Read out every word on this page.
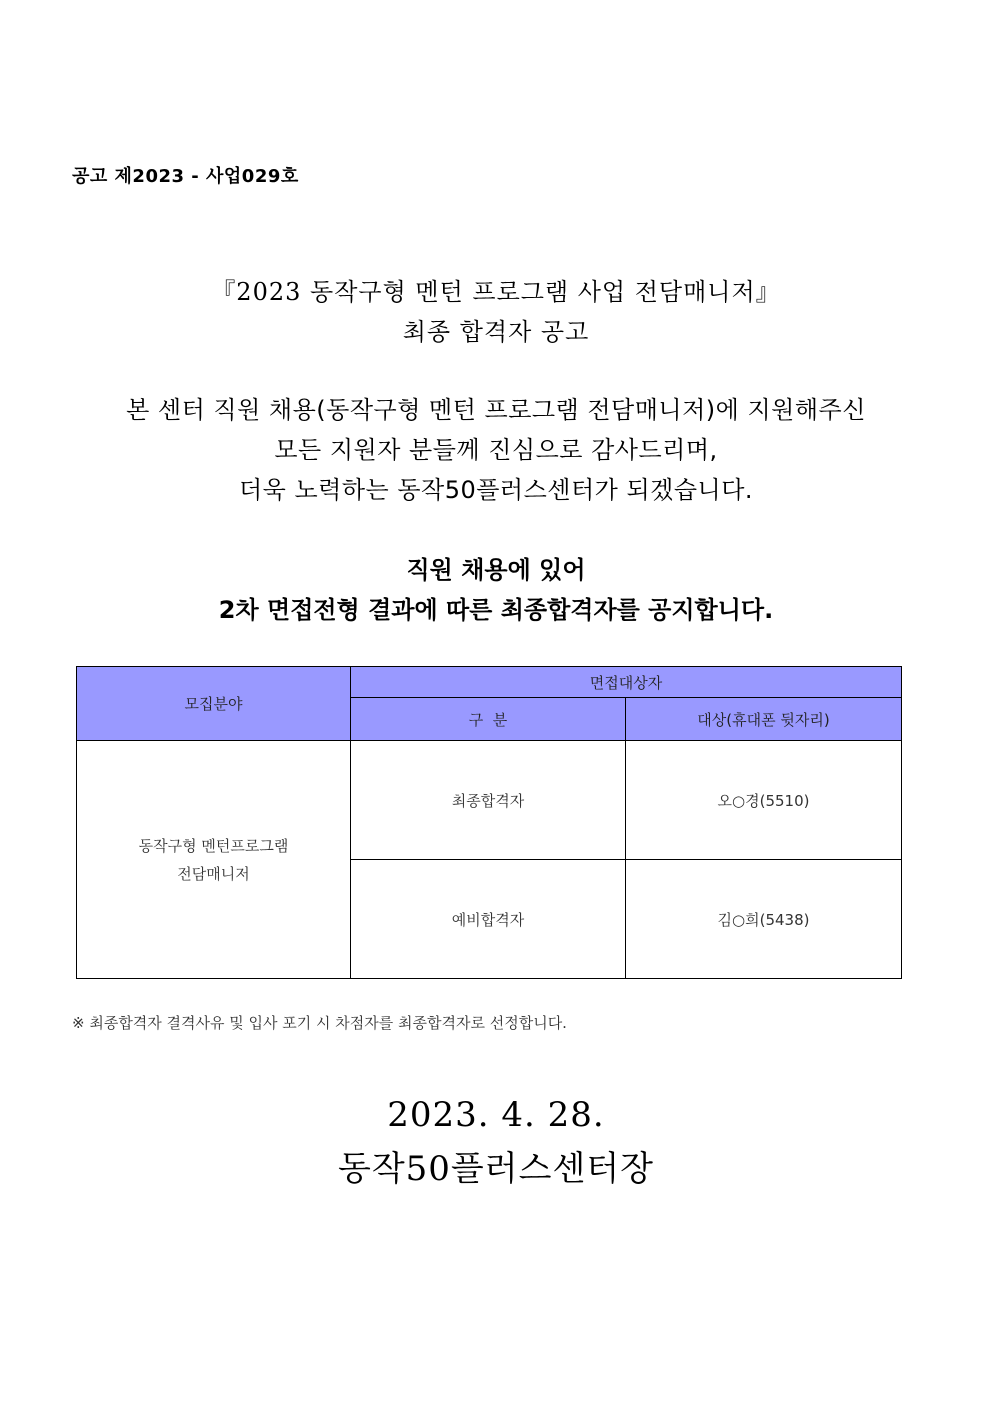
공고 제2023 - 사업029호
『2023 동작구형 멘턴 프로그램 사업 전담매니저』
최종 합격자 공고
본 센터 직원 채용(동작구형 멘턴 프로그램 전담매니저)에 지원해주신
모든 지원자 분들께 진심으로 감사드리며,
더욱 노력하는 동작50플러스센터가 되겠습니다.
직원 채용에 있어
2차 면접전형 결과에 따른 최종합격자를 공지합니다.
모집분야	면접대상자	
	구  분	대상(휴대폰 뒷자리)

동작구형 멘턴프로그램
전담매니저	최종합격자	오○경(5510)
	예비합격자	김○희(5438)
※ 최종합격자 결격사유 및 입사 포기 시 차점자를 최종합격자로 선정합니다.
2023. 4. 28.
동작50플러스센터장
